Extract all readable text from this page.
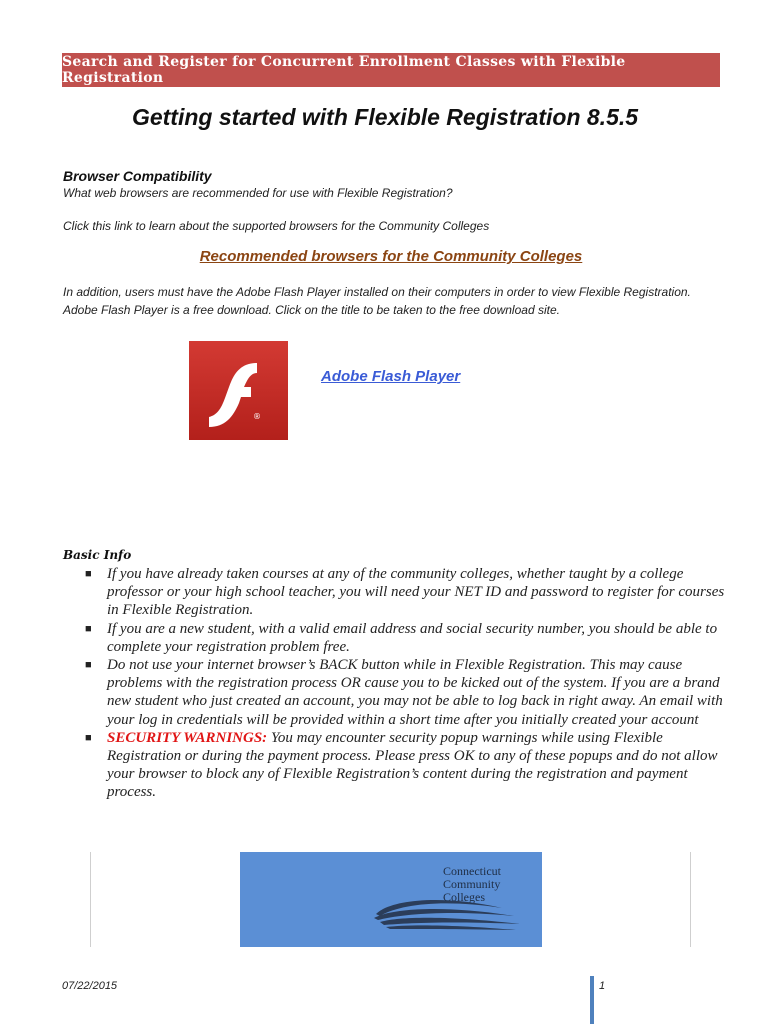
Search and Register for Concurrent Enrollment Classes with Flexible Registration
Getting started with Flexible Registration 8.5.5
Browser Compatibility
What web browsers are recommended for use with Flexible Registration?
Click this link to learn about the supported browsers for the Community Colleges
Recommended browsers for the Community Colleges
In addition, users must have the Adobe Flash Player installed on their computers in order to view Flexible Registration. Adobe Flash Player is a free download. Click on the title to be taken to the free download site.
®
Adobe Flash Player
Basic Info
■ If you have already taken courses at any of the community colleges, whether taught by a college professor or your high school teacher, you will need your NET ID and password to register for courses in Flexible Registration.
■ If you are a new student, with a valid email address and social security number, you should be able to complete your registration problem free.
■ Do not use your internet browser’s BACK button while in Flexible Registration. This may cause problems with the registration process OR cause you to be kicked out of the system. If you are a brand new student who just created an account, you may not be able to log back in right away. An email with your log in credentials will be provided within a short time after you initially created your account
■ SECURITY WARNINGS: You may encounter security popup warnings while using Flexible Registration or during the payment process. Please press OK to any of these popups and do not allow your browser to block any of Flexible Registration’s content during the registration and payment process.
Connecticut
Community
Colleges
07/22/2015	1
